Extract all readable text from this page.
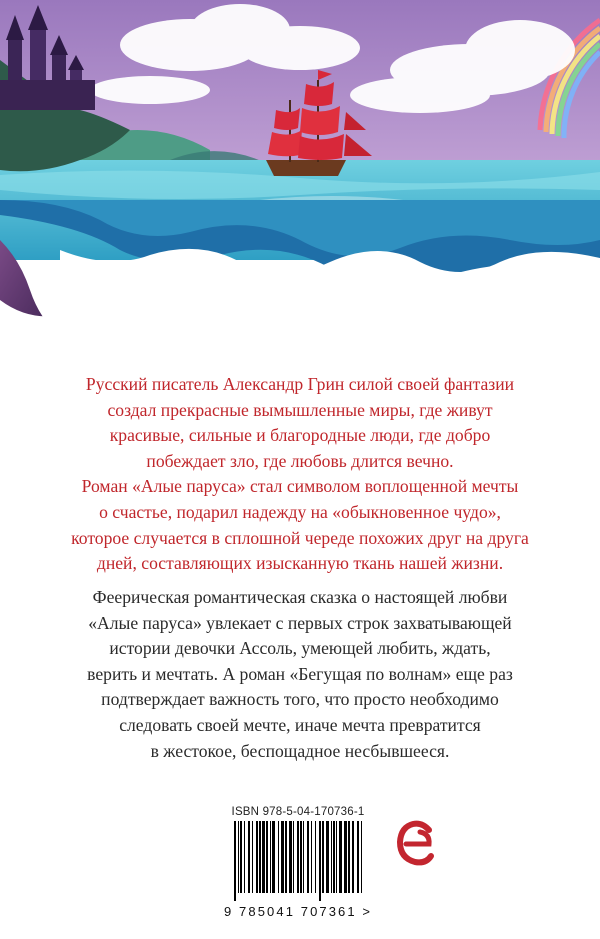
Русский писатель Александр Грин силой своей фантазии
создал прекрасные вымышленные миры, где живут
красивые, сильные и благородные люди, где добро
побеждает зло, где любовь длится вечно.
Роман «Алые паруса» стал символом воплощенной мечты
о счастье, подарил надежду на «обыкновенное чудо»,
которое случается в сплошной череде похожих друг на друга
дней, составляющих изысканную ткань нашей жизни.

Феерическая романтическая сказка о настоящей любви
«Алые паруса» увлекает с первых строк захватывающей
истории девочки Ассоль, умеющей любить, ждать,
верить и мечтать. А роман «Бегущая по волнам» еще раз
подтверждает важность того, что просто необходимо
следовать своей мечте, иначе мечта превратится
в жестокое, беспощадное несбывшееся.

ISBN 978-5-04-170736-1
9 785041 707361 >
